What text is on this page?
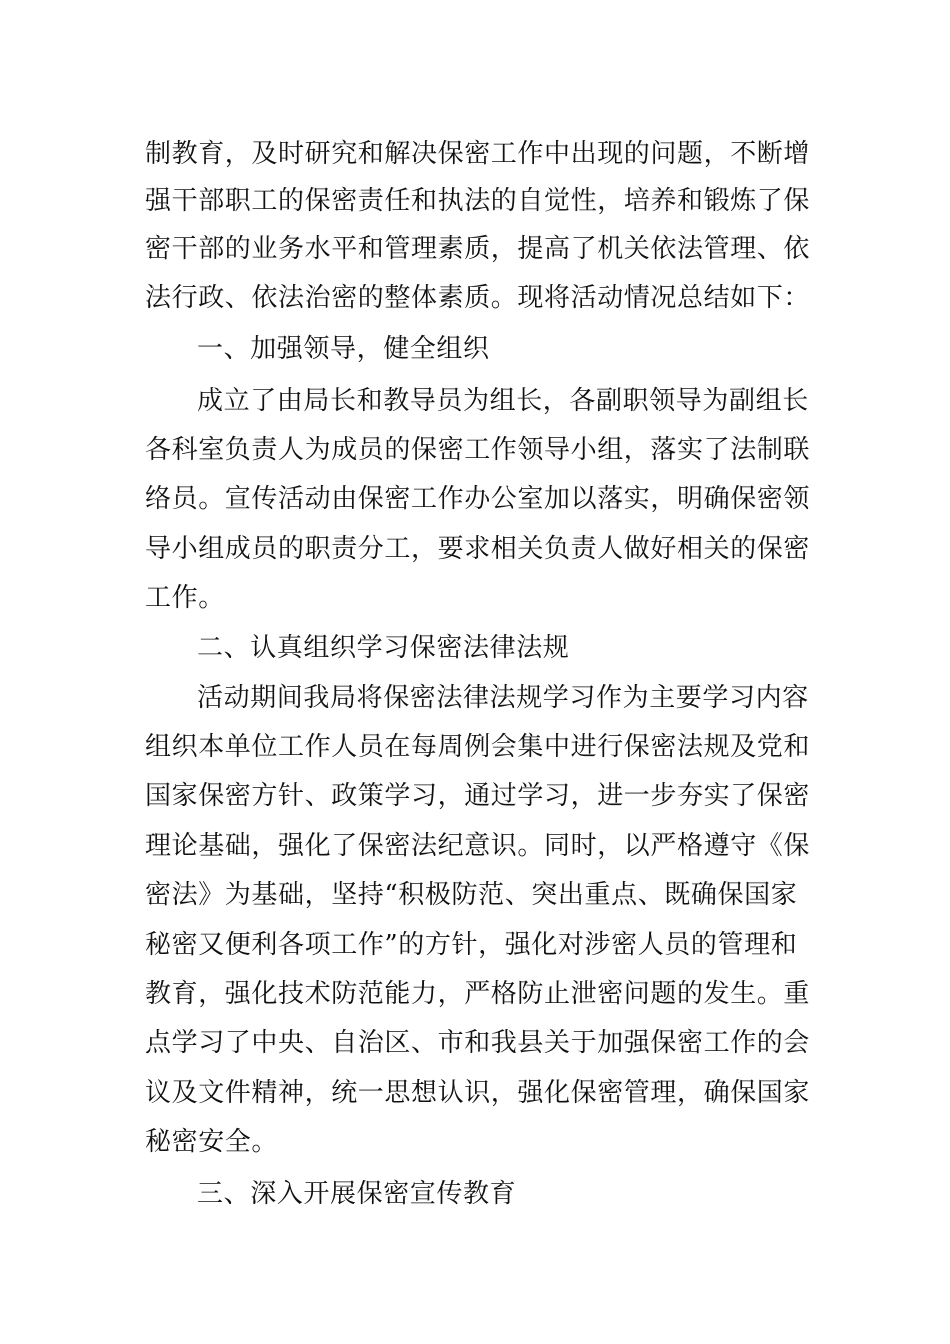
制教育，及时研究和解决保密工作中出现的问题，不断增
强干部职工的保密责任和执法的自觉性，培养和锻炼了保
密干部的业务水平和管理素质，提高了机关依法管理、依
法行政、依法治密的整体素质。现将活动情况总结如下：
一、加强领导，健全组织
成立了由局长和教导员为组长，各副职领导为副组长
各科室负责人为成员的保密工作领导小组，落实了法制联
络员。宣传活动由保密工作办公室加以落实，明确保密领
导小组成员的职责分工，要求相关负责人做好相关的保密
工作。
二、认真组织学习保密法律法规
活动期间我局将保密法律法规学习作为主要学习内容
组织本单位工作人员在每周例会集中进行保密法规及党和
国家保密方针、政策学习，通过学习，进一步夯实了保密
理论基础，强化了保密法纪意识。同时，以严格遵守《保
密法》为基础，坚持“积极防范、突出重点、既确保国家
秘密又便利各项工作”的方针，强化对涉密人员的管理和
教育，强化技术防范能力，严格防止泄密问题的发生。重
点学习了中央、自治区、市和我县关于加强保密工作的会
议及文件精神，统一思想认识，强化保密管理，确保国家
秘密安全。
三、深入开展保密宣传教育
